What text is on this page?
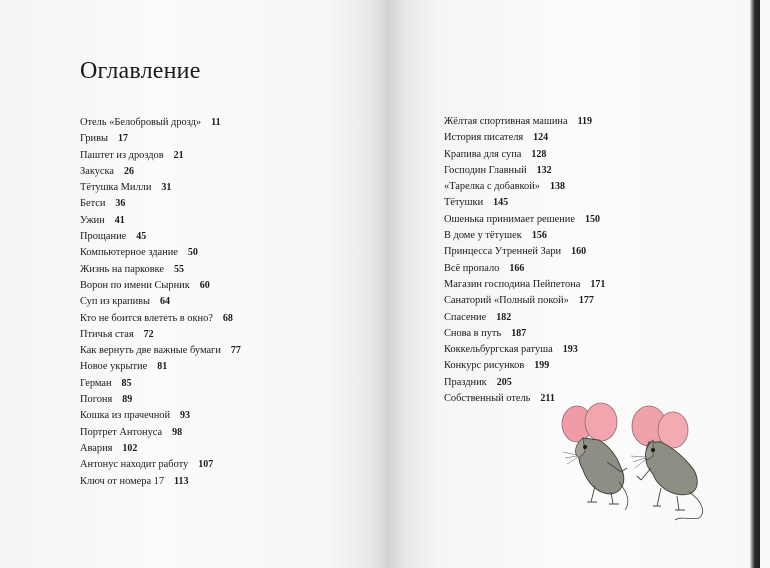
Оглавление
Отель «Белобровый дрозд» 11
Гривы 17
Паштет из дроздов 21
Закуска 26
Тётушка Милли 31
Бетси 36
Ужин 41
Прощание 45
Компьютерное здание 50
Жизнь на парковке 55
Ворон по имени Сырник 60
Суп из крапивы 64
Кто не боится влететь в окно? 68
Птичья стая 72
Как вернуть две важные бумаги 77
Новое укрытие 81
Герман 85
Погоня 89
Кошка из прачечной 93
Портрет Антонуса 98
Авария 102
Антонус находит работу 107
Ключ от номера 17 113
Жёлтая спортивная машина 119
История писателя 124
Крапива для супа 128
Господин Главный 132
«Тарелка с добавкой» 138
Тётушки 145
Ошенька принимает решение 150
В доме у тётушек 156
Принцесса Утренней Зари 160
Всё пропало 166
Магазин господина Пейпетона 171
Санаторий «Полный покой» 177
Спасение 182
Снова в путь 187
Коккельбургская ратуша 193
Конкурс рисунков 199
Праздник 205
Собственный отель 211
